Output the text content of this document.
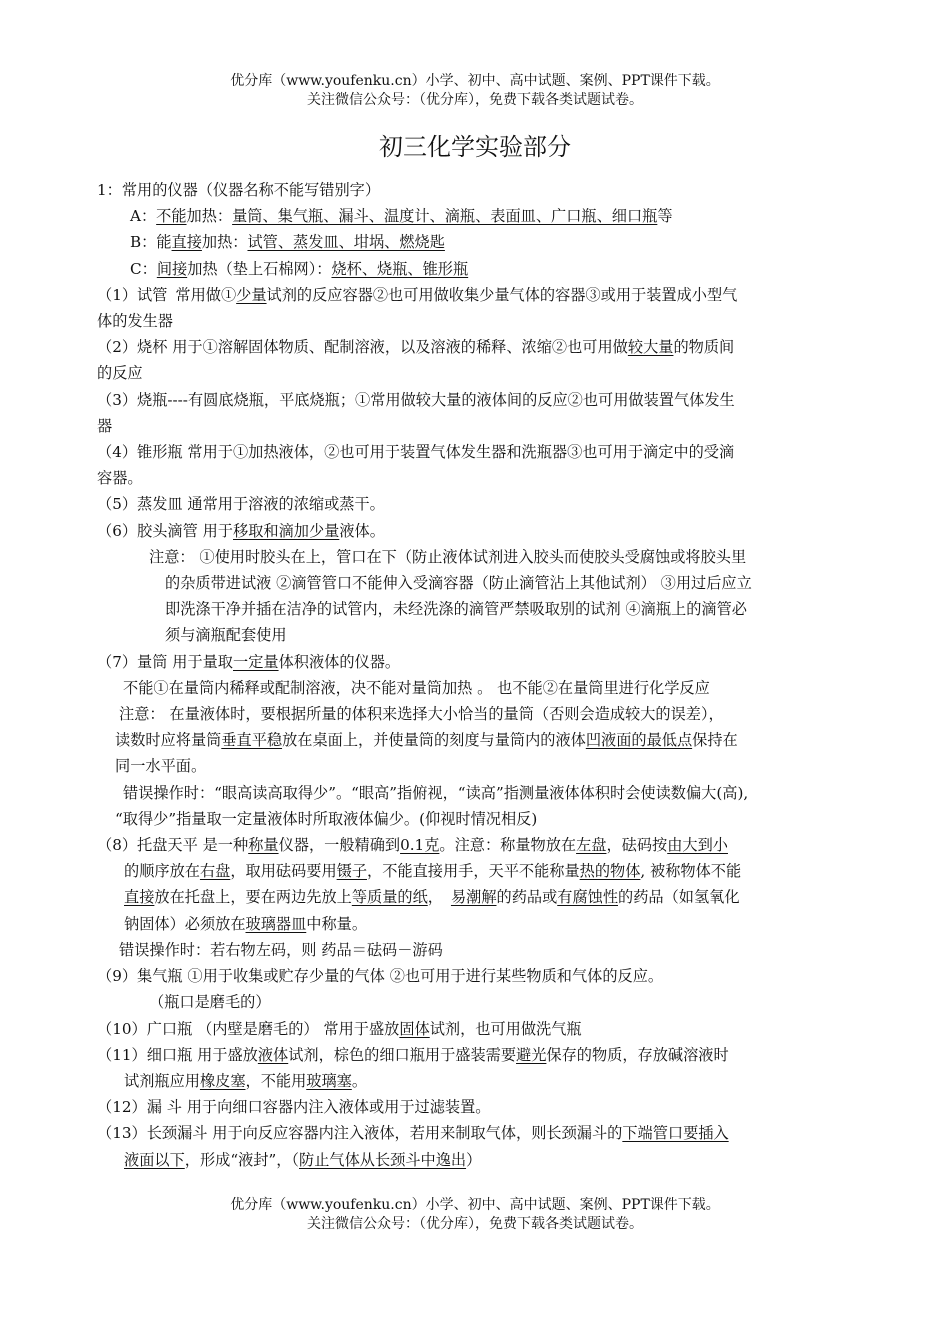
优分库（www.youfenku.cn）小学、初中、高中试题、案例、PPT课件下载。
关注微信公众号：（优分库），免费下载各类试题试卷。
初三化学实验部分
1：常用的仪器（仪器名称不能写错别字）
A：不能加热：量筒、集气瓶、漏斗、温度计、滴瓶、表面皿、广口瓶、细口瓶等
B：能直接加热：试管、蒸发皿、坩埚、燃烧匙
C：间接加热（垫上石棉网）：烧杯、烧瓶、锥形瓶
（1）试管 常用做①少量试剂的反应容器②也可用做收集少量气体的容器③或用于装置成小型气
体的发生器
（2）烧杯 用于①溶解固体物质、配制溶液，以及溶液的稀释、浓缩②也可用做较大量的物质间
的反应
（3）烧瓶----有圆底烧瓶，平底烧瓶；①常用做较大量的液体间的反应②也可用做装置气体发生
器
（4）锥形瓶 常用于①加热液体，②也可用于装置气体发生器和洗瓶器③也可用于滴定中的受滴
容器。
（5）蒸发皿 通常用于溶液的浓缩或蒸干。
（6）胶头滴管 用于移取和滴加少量液体。
注意： ①使用时胶头在上，管口在下（防止液体试剂进入胶头而使胶头受腐蚀或将胶头里
的杂质带进试液 ②滴管管口不能伸入受滴容器（防止滴管沾上其他试剂） ③用过后应立
即洗涤干净并插在洁净的试管内，未经洗涤的滴管严禁吸取别的试剂 ④滴瓶上的滴管必
须与滴瓶配套使用
（7）量筒 用于量取一定量体积液体的仪器。
不能①在量筒内稀释或配制溶液，决不能对量筒加热 。 也不能②在量筒里进行化学反应
注意： 在量液体时，要根据所量的体积来选择大小恰当的量筒（否则会造成较大的误差），
读数时应将量筒垂直平稳放在桌面上，并使量筒的刻度与量筒内的液体凹液面的最低点保持在
同一水平面。
错误操作时：“眼高读高取得少”。“眼高”指俯视，“读高”指测量液体体积时会使读数偏大(高),
“取得少”指量取一定量液体时所取液体偏少。(仰视时情况相反)
（8）托盘天平 是一种称量仪器，一般精确到0.1克。注意：称量物放在左盘，砝码按由大到小
的顺序放在右盘，取用砝码要用镊子，不能直接用手，天平不能称量热的物体, 被称物体不能
直接放在托盘上，要在两边先放上等质量的纸， 易潮解的药品或有腐蚀性的药品（如氢氧化
钠固体）必须放在玻璃器皿中称量。
错误操作时：若右物左码，则 药品＝砝码－游码
（9）集气瓶 ①用于收集或贮存少量的气体 ②也可用于进行某些物质和气体的反应。
（瓶口是磨毛的）
（10）广口瓶 （内壁是磨毛的） 常用于盛放固体试剂，也可用做洗气瓶
（11）细口瓶 用于盛放液体试剂，棕色的细口瓶用于盛装需要避光保存的物质，存放碱溶液时
试剂瓶应用橡皮塞，不能用玻璃塞。
（12）漏 斗 用于向细口容器内注入液体或用于过滤装置。
（13）长颈漏斗 用于向反应容器内注入液体，若用来制取气体，则长颈漏斗的下端管口要插入
液面以下，形成“液封”，（防止气体从长颈斗中逸出）
优分库（www.youfenku.cn）小学、初中、高中试题、案例、PPT课件下载。
关注微信公众号：（优分库），免费下载各类试题试卷。
